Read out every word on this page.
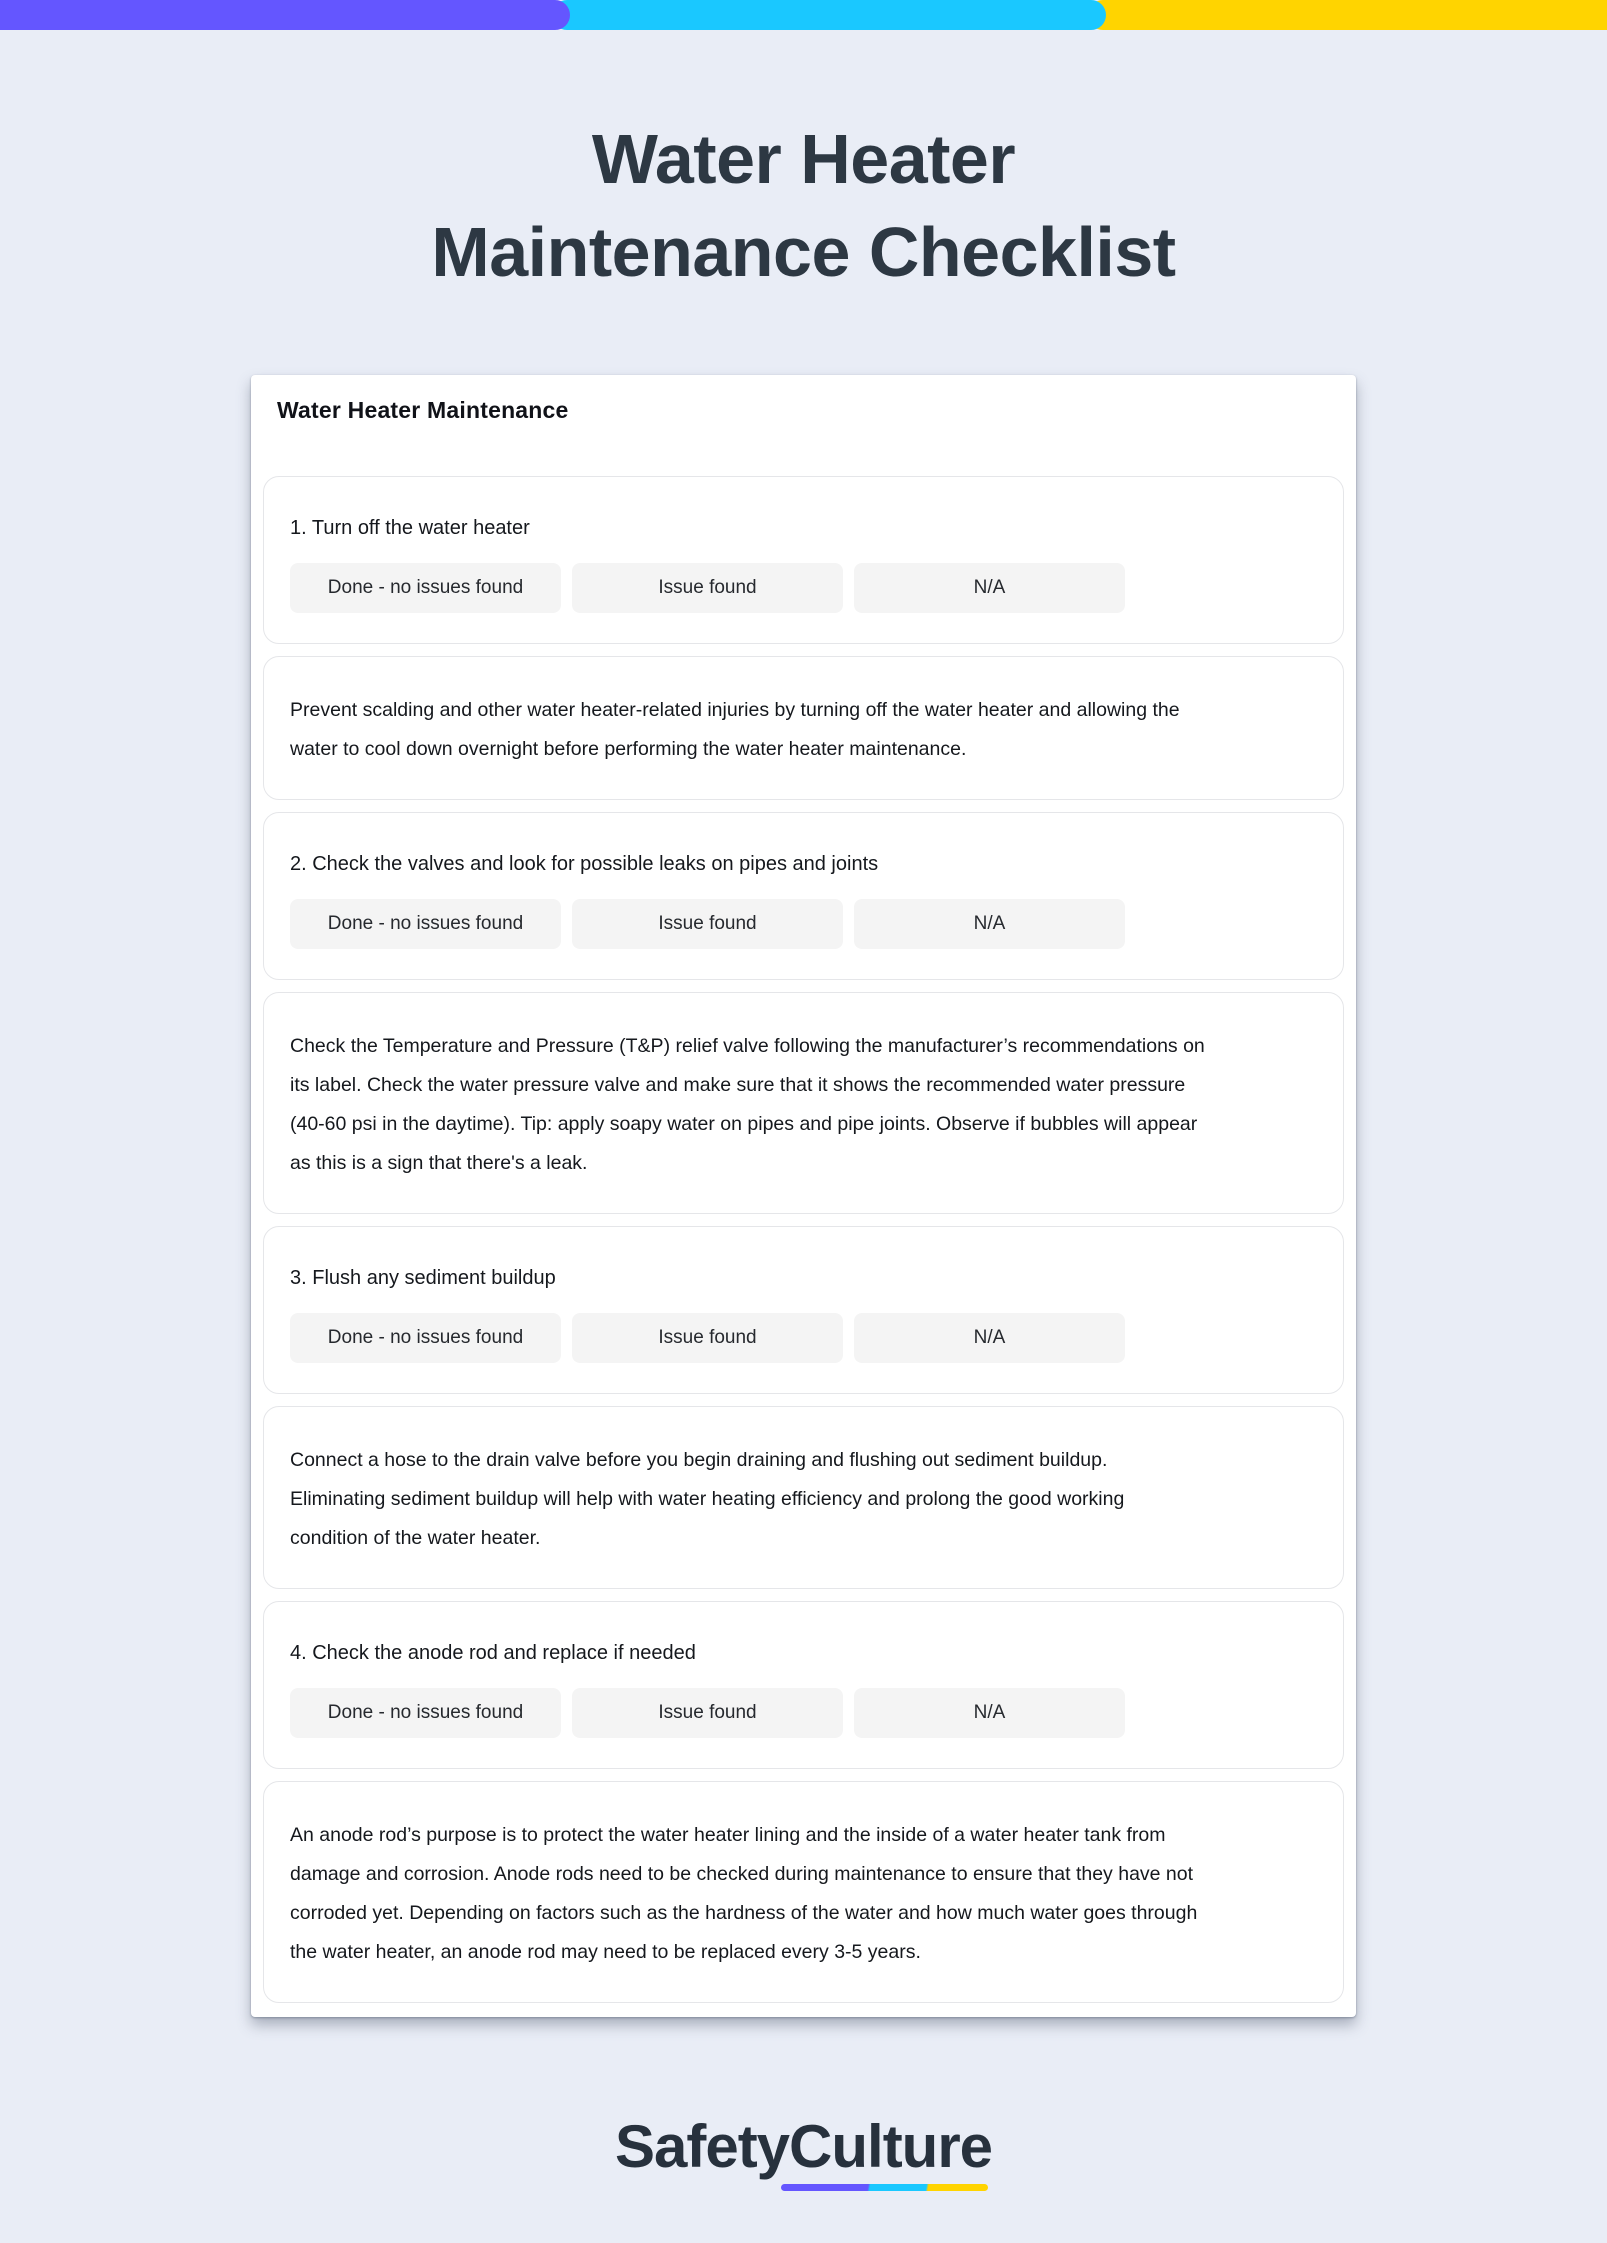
Water Heater
Maintenance Checklist
Water Heater Maintenance
1. Turn off the water heater
Done - no issues found	Issue found	N/A

Prevent scalding and other water heater-related injuries by turning off the water heater and allowing the water to cool down overnight before performing the water heater maintenance.

2. Check the valves and look for possible leaks on pipes and joints
Done - no issues found	Issue found	N/A

Check the Temperature and Pressure (T&P) relief valve following the manufacturer’s recommendations on its label. Check the water pressure valve and make sure that it shows the recommended water pressure (40-60 psi in the daytime). Tip: apply soapy water on pipes and pipe joints. Observe if bubbles will appear as this is a sign that there's a leak.

3. Flush any sediment buildup
Done - no issues found	Issue found	N/A

Connect a hose to the drain valve before you begin draining and flushing out sediment buildup. Eliminating sediment buildup will help with water heating efficiency and prolong the good working condition of the water heater.

4. Check the anode rod and replace if needed
Done - no issues found	Issue found	N/A

An anode rod’s purpose is to protect the water heater lining and the inside of a water heater tank from damage and corrosion. Anode rods need to be checked during maintenance to ensure that they have not corroded yet. Depending on factors such as the hardness of the water and how much water goes through the water heater, an anode rod may need to be replaced every 3-5 years.

SafetyCulture
